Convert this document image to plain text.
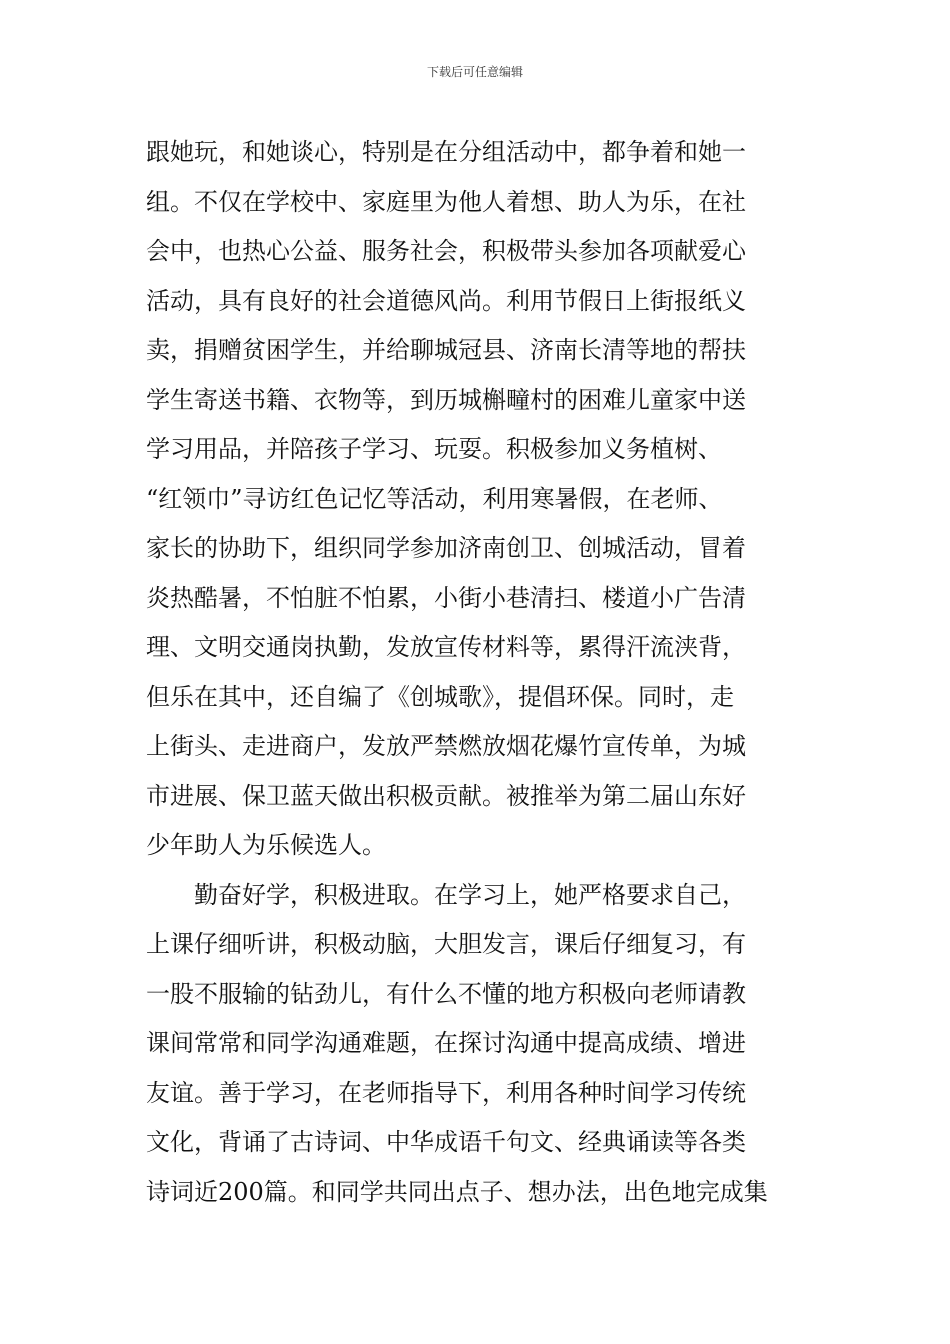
下载后可任意编辑
跟她玩，和她谈心，特别是在分组活动中，都争着和她一
组。不仅在学校中、家庭里为他人着想、助人为乐，在社
会中，也热心公益、服务社会，积极带头参加各项献爱心
活动，具有良好的社会道德风尚。利用节假日上街报纸义
卖，捐赠贫困学生，并给聊城冠县、济南长清等地的帮扶
学生寄送书籍、衣物等，到历城槲疃村的困难儿童家中送
学习用品，并陪孩子学习、玩耍。积极参加义务植树、
“红领巾”寻访红色记忆等活动，利用寒暑假，在老师、
家长的协助下，组织同学参加济南创卫、创城活动，冒着
炎热酷暑，不怕脏不怕累，小街小巷清扫、楼道小广告清
理、文明交通岗执勤，发放宣传材料等，累得汗流浃背，
但乐在其中，还自编了《创城歌》，提倡环保。同时，走
上街头、走进商户，发放严禁燃放烟花爆竹宣传单，为城
市进展、保卫蓝天做出积极贡献。被推举为第二届山东好
少年助人为乐候选人。
勤奋好学，积极进取。在学习上，她严格要求自己，
上课仔细听讲，积极动脑，大胆发言，课后仔细复习，有
一股不服输的钻劲儿，有什么不懂的地方积极向老师请教
课间常常和同学沟通难题，在探讨沟通中提高成绩、增进
友谊。善于学习，在老师指导下，利用各种时间学习传统
文化，背诵了古诗词、中华成语千句文、经典诵读等各类
诗词近200篇。和同学共同出点子、想办法，出色地完成集
